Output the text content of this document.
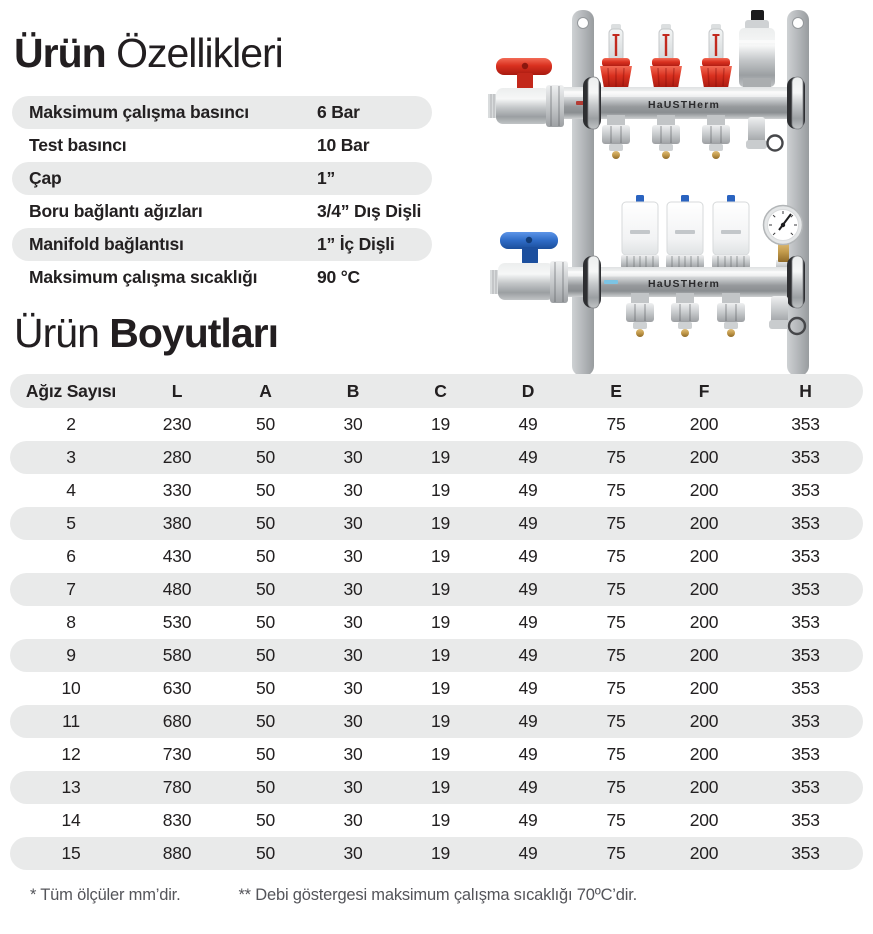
Ürün Özellikleri
Maksimum çalışma basıncı	6 Bar
Test basıncı	10 Bar
Çap	1”
Boru bağlantı ağızları	3/4” Dış Dişli
Manifold bağlantısı	1” İç Dişli
Maksimum çalışma sıcaklığı	90 °C
HaUSTHerm
HaUSTHerm
Ürün Boyutları
Ağız Sayısı	L	A	B	C	D	E	F	H
2	230	50	30	19	49	75	200	353
3	280	50	30	19	49	75	200	353
4	330	50	30	19	49	75	200	353
5	380	50	30	19	49	75	200	353
6	430	50	30	19	49	75	200	353
7	480	50	30	19	49	75	200	353
8	530	50	30	19	49	75	200	353
9	580	50	30	19	49	75	200	353
10	630	50	30	19	49	75	200	353
11	680	50	30	19	49	75	200	353
12	730	50	30	19	49	75	200	353
13	780	50	30	19	49	75	200	353
14	830	50	30	19	49	75	200	353
15	880	50	30	19	49	75	200	353
* Tüm ölçüler mm’dir.	** Debi göstergesi maksimum çalışma sıcaklığı 70ºC’dir.
